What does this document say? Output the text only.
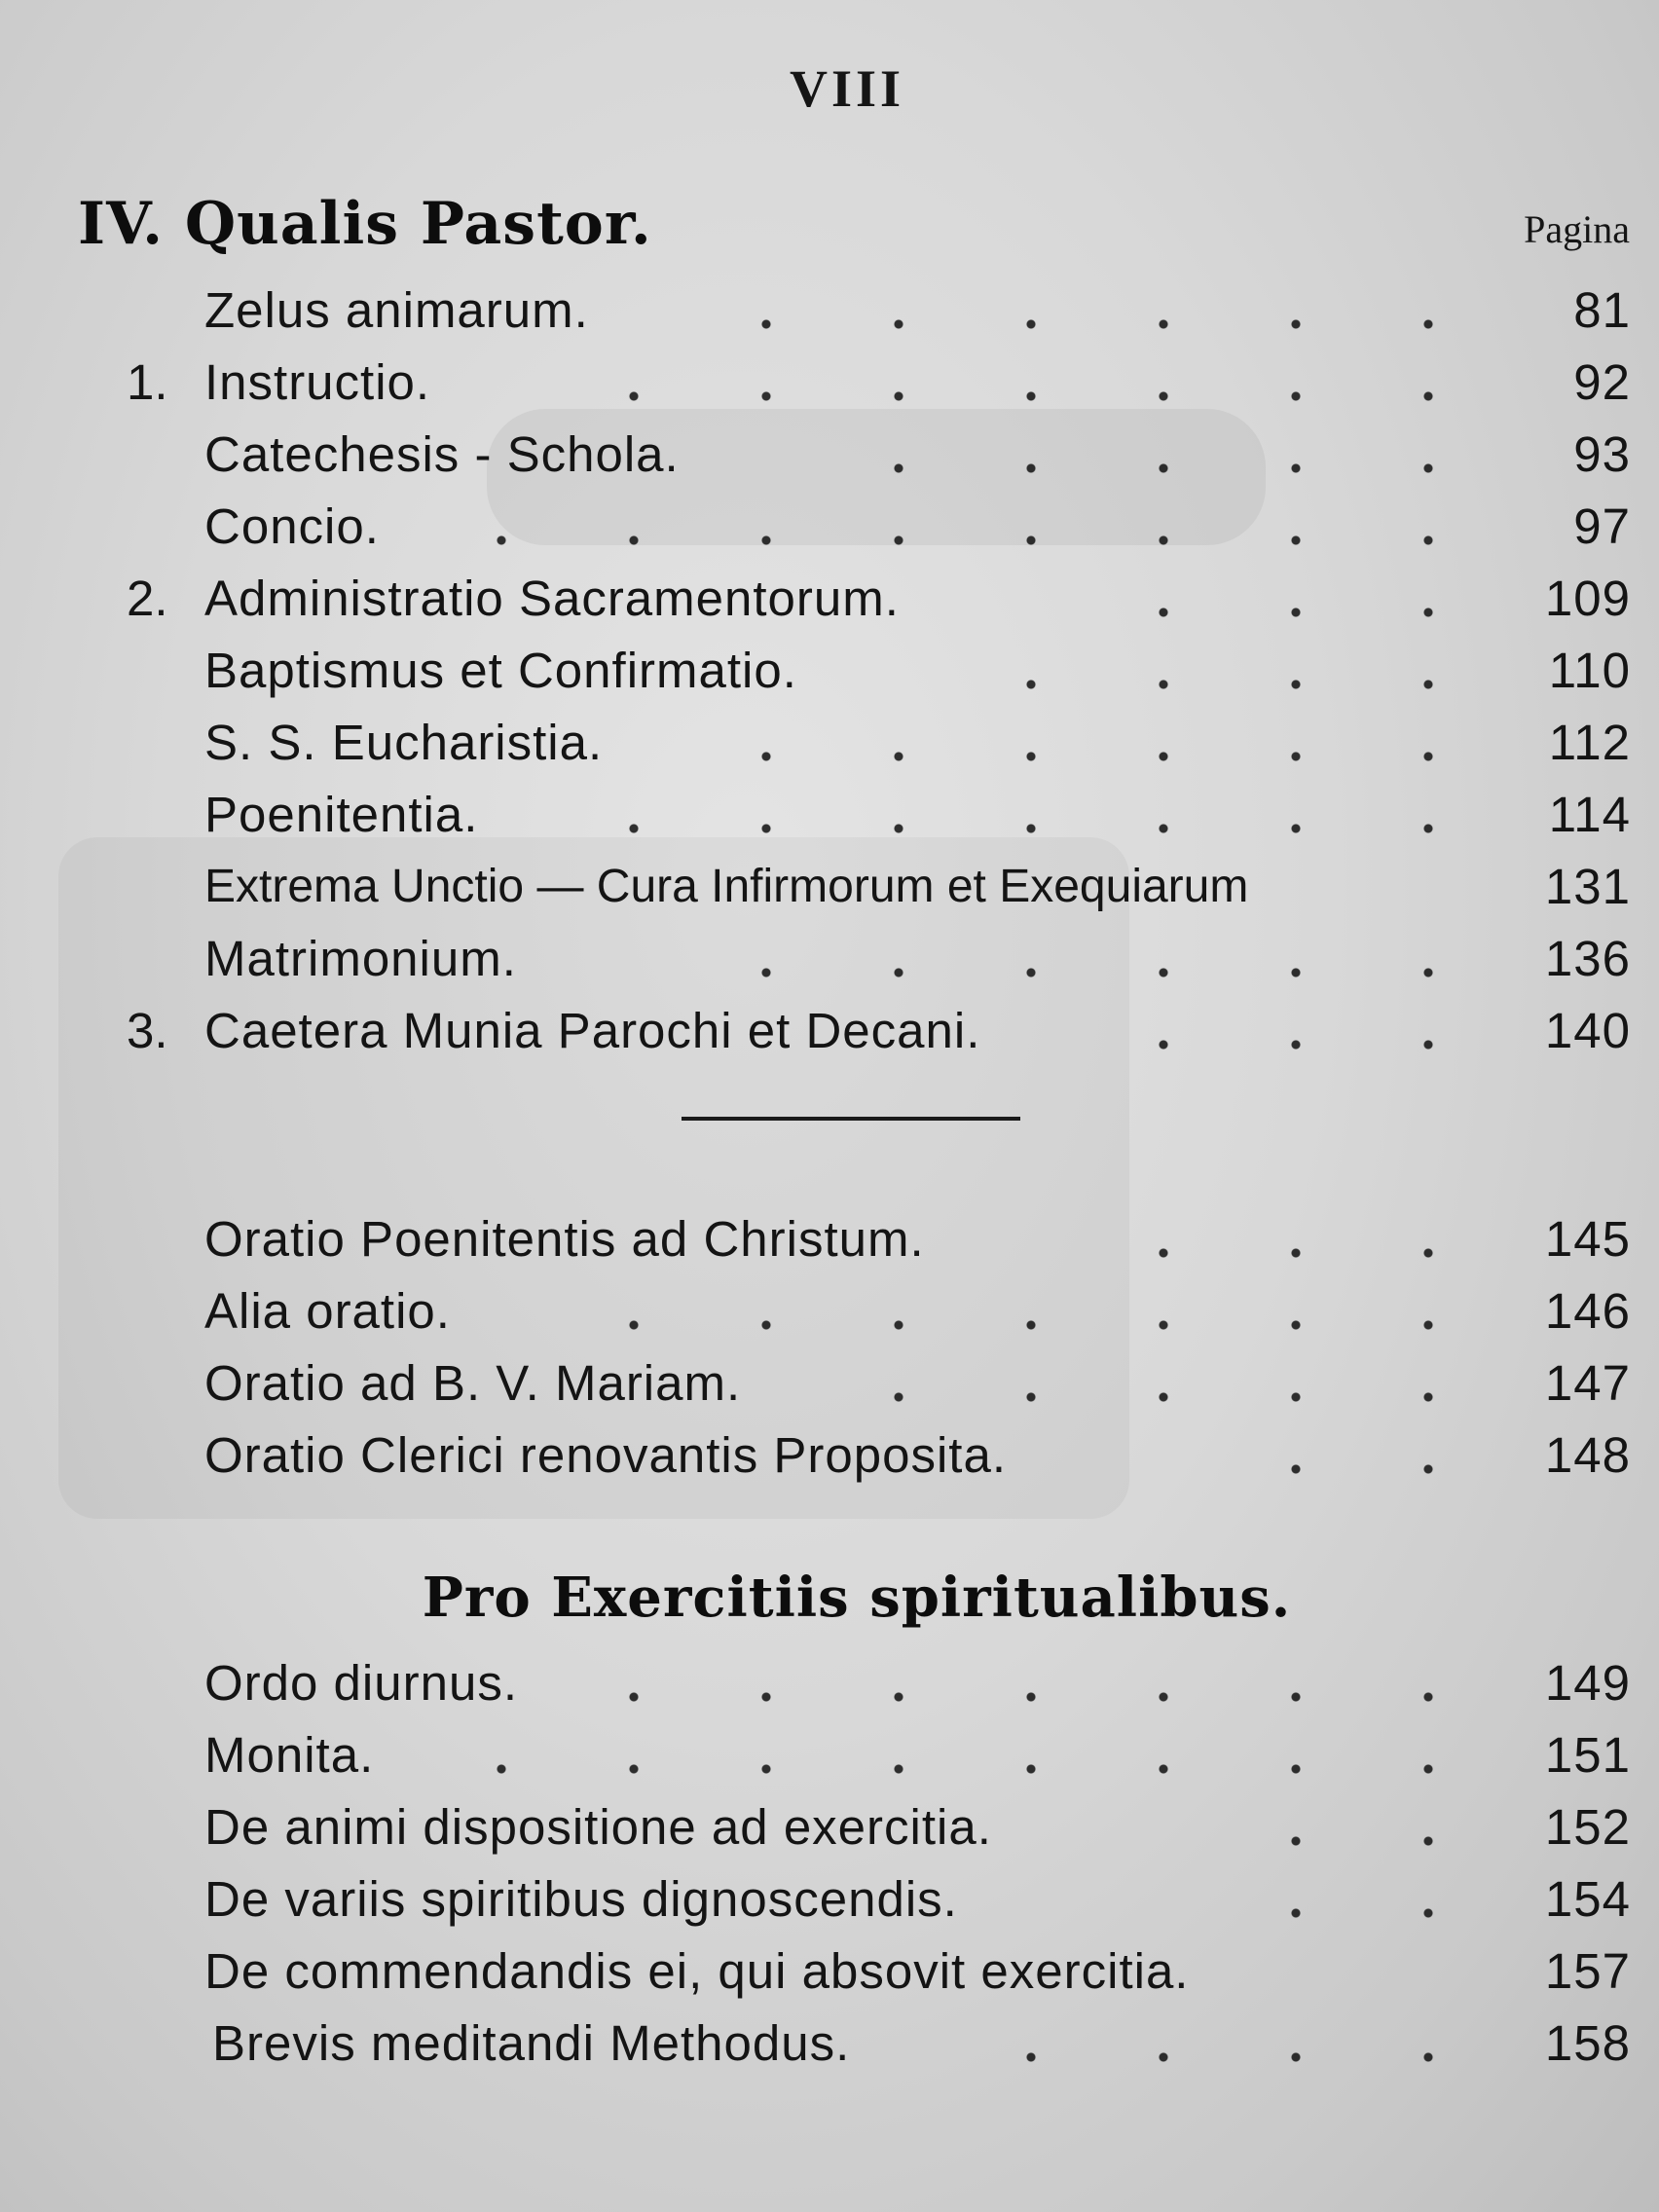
VIII
IV. Qualis Pastor.	Pagina
Zelus animarum.	81
1. Instructio.	92
Catechesis - Schola.	93
Concio.	97
2. Administratio Sacramentorum.	109
Baptismus et Confirmatio.	110
S. S. Eucharistia.	112
Poenitentia.	114
Extrema Unctio — Cura Infirmorum et Exequiarum	131
Matrimonium.	136
3. Caetera Munia Parochi et Decani.	140
Oratio Poenitentis ad Christum.	145
Alia oratio.	146
Oratio ad B. V. Mariam.	147
Oratio Clerici renovantis Proposita.	148
Pro Exercitiis spiritualibus.
Ordo diurnus.	149
Monita.	151
De animi dispositione ad exercitia.	152
De variis spiritibus dignoscendis.	154
De commendandis ei, qui absovit exercitia.	157
Brevis meditandi Methodus.	158
